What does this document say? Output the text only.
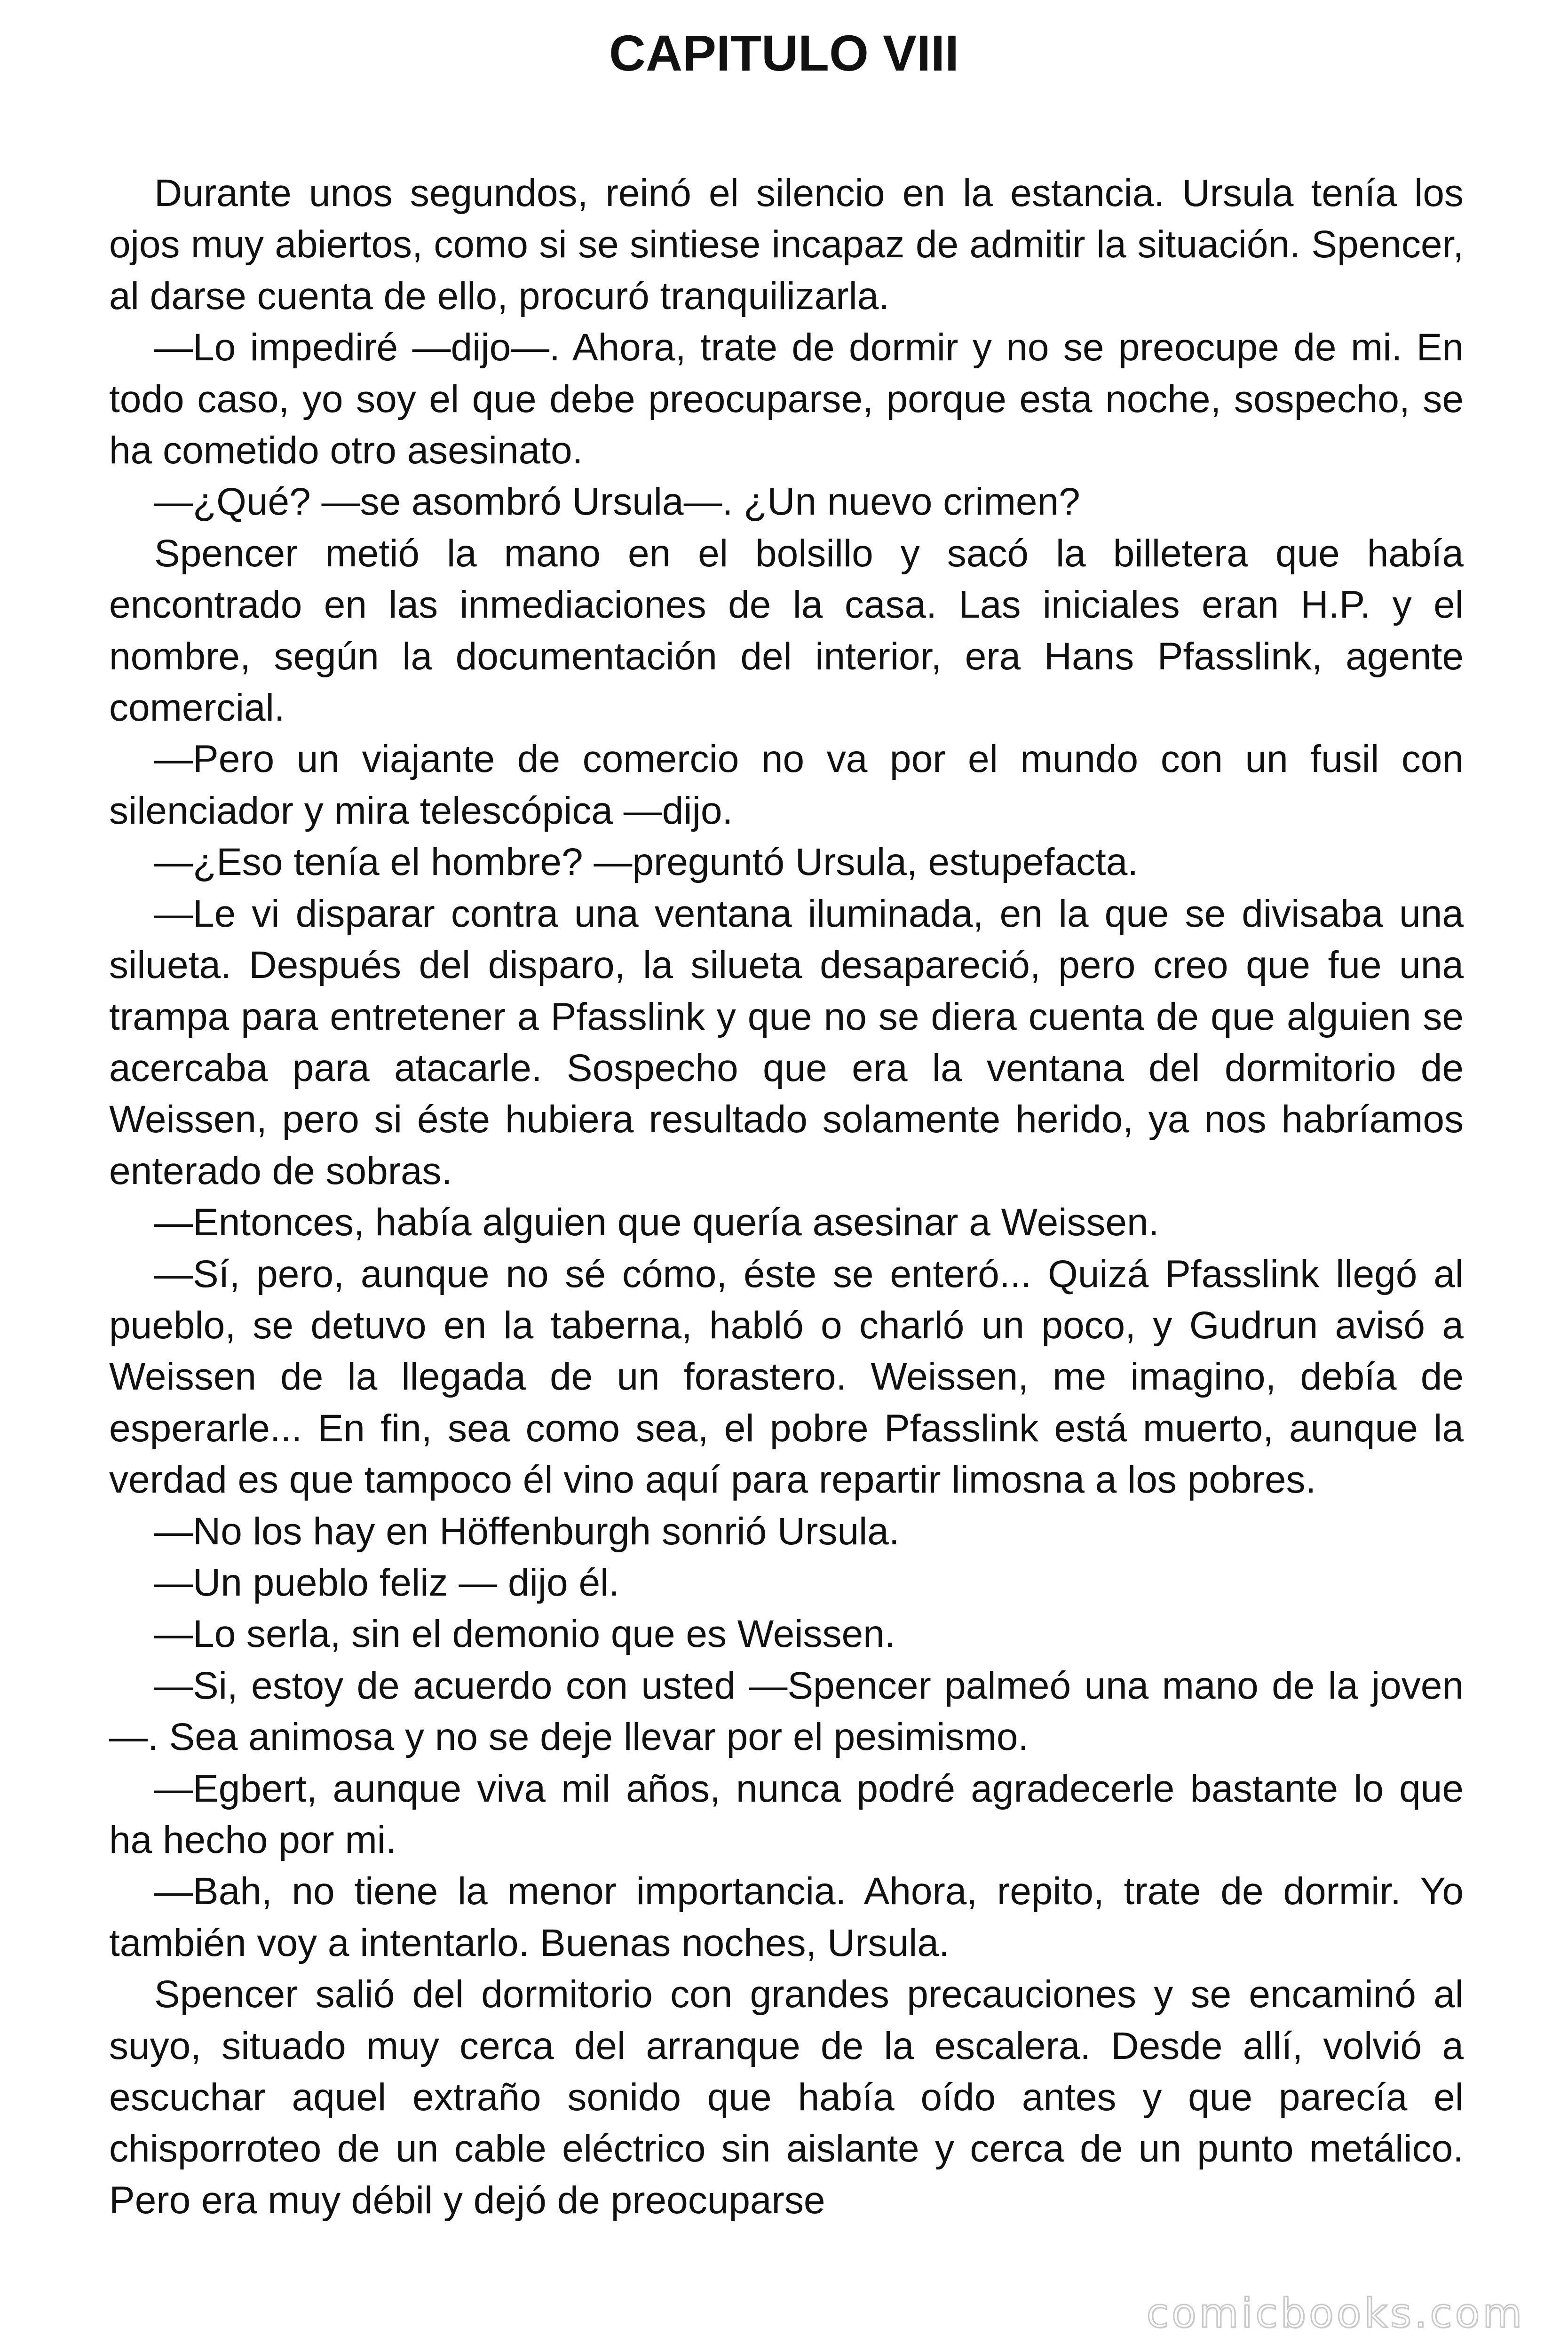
CAPITULO VIII

Durante unos segundos, reinó el silencio en la estancia. Ursula tenía los ojos muy abiertos, como si se sintiese incapaz de admitir la situación. Spencer, al darse cuenta de ello, procuró tranquilizarla.

—Lo impediré —dijo—. Ahora, trate de dormir y no se preocupe de mi. En todo caso, yo soy el que debe preocuparse, porque esta noche, sospecho, se ha cometido otro asesinato.

—¿Qué? —se asombró Ursula—. ¿Un nuevo crimen?

Spencer metió la mano en el bolsillo y sacó la billetera que había encontrado en las inmediaciones de la casa. Las iniciales eran H.P. y el nombre, según la documentación del interior, era Hans Pfasslink, agente comercial.

—Pero un viajante de comercio no va por el mundo con un fusil con silenciador y mira telescópica —dijo.

—¿Eso tenía el hombre? —preguntó Ursula, estupefacta.

—Le vi disparar contra una ventana iluminada, en la que se divisaba una silueta. Después del disparo, la silueta desapareció, pero creo que fue una trampa para entretener a Pfasslink y que no se diera cuenta de que alguien se acercaba para atacarle. Sospecho que era la ventana del dormitorio de Weissen, pero si éste hubiera resultado solamente herido, ya nos habríamos enterado de sobras.

—Entonces, había alguien que quería asesinar a Weissen.

—Sí, pero, aunque no sé cómo, éste se enteró... Quizá Pfasslink llegó al pueblo, se detuvo en la taberna, habló o charló un poco, y Gudrun avisó a Weissen de la llegada de un forastero. Weissen, me imagino, debía de esperarle... En fin, sea como sea, el pobre Pfasslink está muerto, aunque la verdad es que tampoco él vino aquí para repartir limosna a los pobres.

—No los hay en Höffenburgh sonrió Ursula.

—Un pueblo feliz — dijo él.

—Lo serla, sin el demonio que es Weissen.

—Si, estoy de acuerdo con usted —Spencer palmeó una mano de la joven—. Sea animosa y no se deje llevar por el pesimismo.

—Egbert, aunque viva mil años, nunca podré agradecerle bastante lo que ha hecho por mi.

—Bah, no tiene la menor importancia. Ahora, repito, trate de dormir. Yo también voy a intentarlo. Buenas noches, Ursula.

Spencer salió del dormitorio con grandes precauciones y se encaminó al suyo, situado muy cerca del arranque de la escalera. Desde allí, volvió a escuchar aquel extraño sonido que había oído antes y que parecía el chisporroteo de un cable eléctrico sin aislante y cerca de un punto metálico. Pero era muy débil y dejó de preocuparse

comicbooks.com
